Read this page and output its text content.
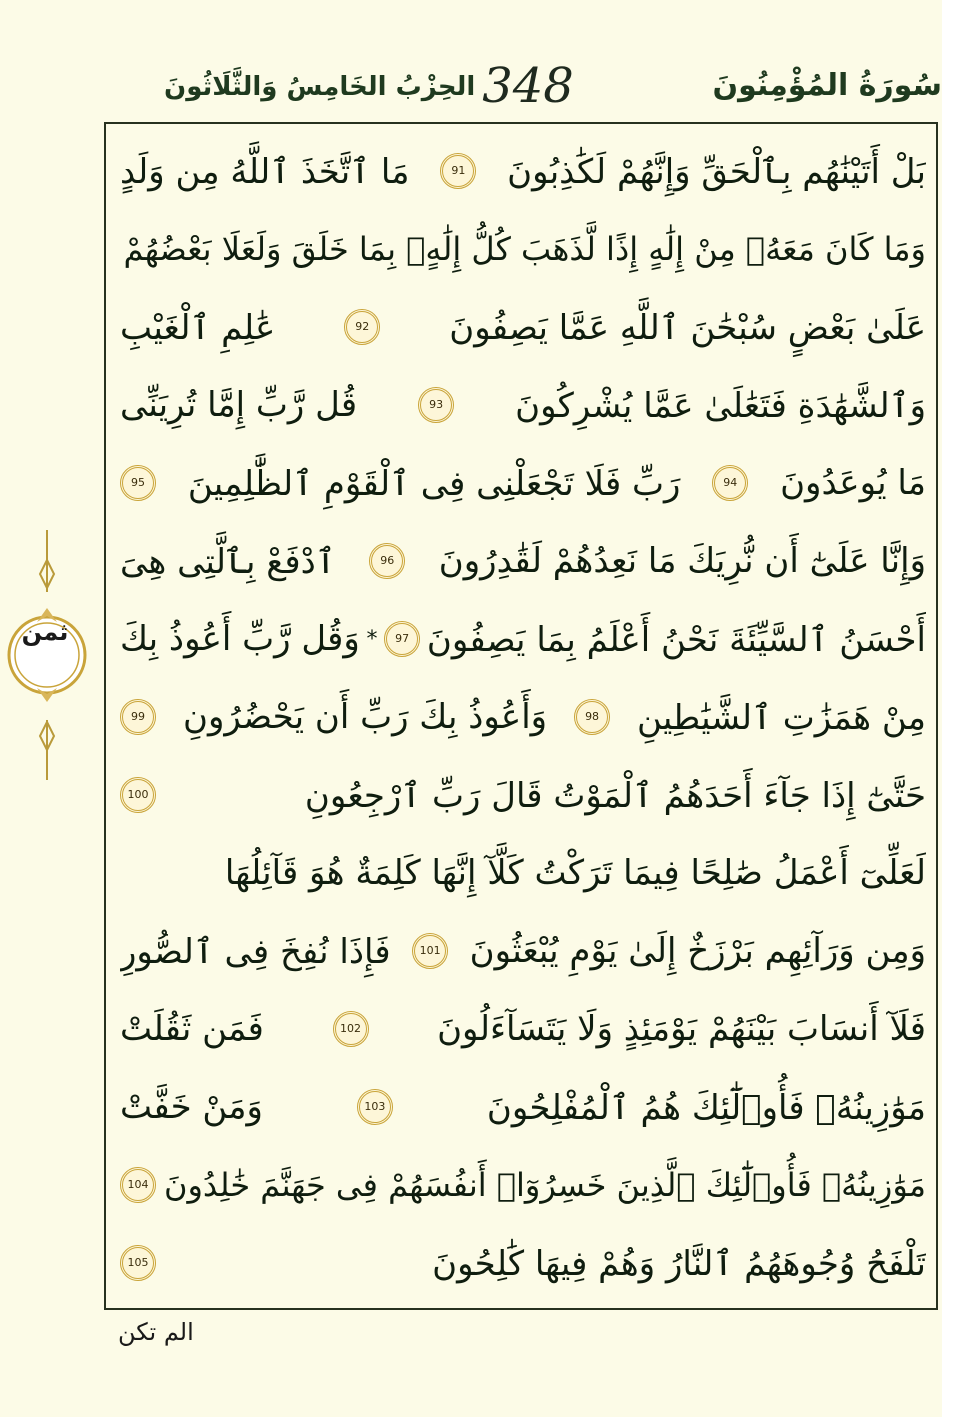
سُورَةُ المُؤْمِنُونَ
348
الحِزْبُ الخَامِسُ وَالثَّلَاثُونَ
بَلْ أَتَيْنَٰهُم بِٱلْحَقِّ وَإِنَّهُمْ لَكَٰذِبُونَ
91
مَا ٱتَّخَذَ ٱللَّهُ مِن وَلَدٍ
وَمَا كَانَ مَعَهُۥ مِنْ إِلَٰهٍ إِذًا لَّذَهَبَ كُلُّ إِلَٰهٍۭ بِمَا خَلَقَ وَلَعَلَا بَعْضُهُمْ
عَلَىٰ بَعْضٍ سُبْحَٰنَ ٱللَّهِ عَمَّا يَصِفُونَ
92
عَٰلِمِ ٱلْغَيْبِ
وَٱلشَّهَٰدَةِ فَتَعَٰلَىٰ عَمَّا يُشْرِكُونَ
93
قُل رَّبِّ إِمَّا تُرِيَنِّى
مَا يُوعَدُونَ
94
رَبِّ فَلَا تَجْعَلْنِى فِى ٱلْقَوْمِ ٱلظَّٰلِمِينَ
95
وَإِنَّا عَلَىٰٓ أَن نُّرِيَكَ مَا نَعِدُهُمْ لَقَٰدِرُونَ
96
ٱدْفَعْ بِٱلَّتِى هِىَ
أَحْسَنُ ٱلسَّيِّئَةَ نَحْنُ أَعْلَمُ بِمَا يَصِفُونَ
97
*
وَقُل رَّبِّ أَعُوذُ بِكَ
مِنْ هَمَزَٰتِ ٱلشَّيَٰطِينِ
98
وَأَعُوذُ بِكَ رَبِّ أَن يَحْضُرُونِ
99
حَتَّىٰٓ إِذَا جَآءَ أَحَدَهُمُ ٱلْمَوْتُ قَالَ رَبِّ ٱرْجِعُونِ
100
لَعَلِّىٓ أَعْمَلُ صَٰلِحًا فِيمَا تَرَكْتُ كَلَّآ إِنَّهَا كَلِمَةٌ هُوَ قَآئِلُهَا
وَمِن وَرَآئِهِم بَرْزَخٌ إِلَىٰ يَوْمِ يُبْعَثُونَ
101
فَإِذَا نُفِخَ فِى ٱلصُّورِ
فَلَآ أَنسَابَ بَيْنَهُمْ يَوْمَئِذٍ وَلَا يَتَسَآءَلُونَ
102
فَمَن ثَقُلَتْ
مَوَٰزِينُهُۥ فَأُو۟لَٰٓئِكَ هُمُ ٱلْمُفْلِحُونَ
103
وَمَنْ خَفَّتْ
مَوَٰزِينُهُۥ فَأُو۟لَٰٓئِكَ ٱلَّذِينَ خَسِرُوٓا۟ أَنفُسَهُمْ فِى جَهَنَّمَ خَٰلِدُونَ
104
تَلْفَحُ وُجُوهَهُمُ ٱلنَّارُ وَهُمْ فِيهَا كَٰلِحُونَ
105
ثمن
الم تكن
